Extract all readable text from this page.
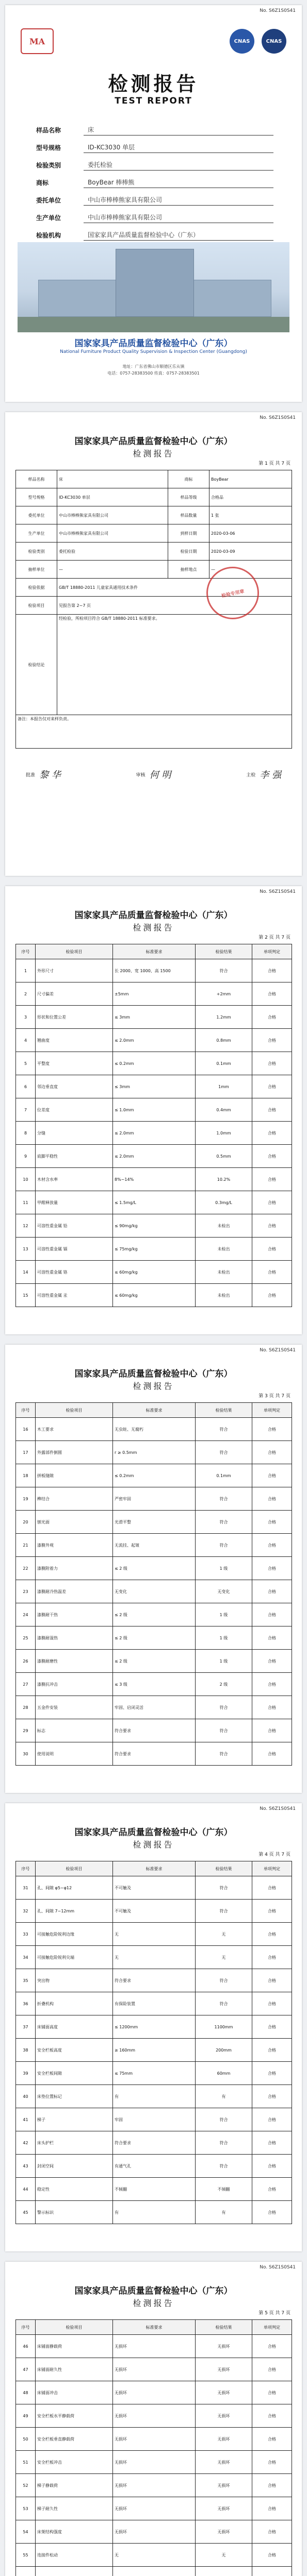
No. S6Z1S0S41
MA	CNAS	CNAS
检测报告
TEST REPORT
样品名称	床
型号规格	ID-KC3030 单层
检验类别	委托检验
商标	BoyBear 棒棒熊
委托单位	中山市棒棒熊家具有限公司
生产单位	中山市棒棒熊家具有限公司
检验机构	国家家具产品质量监督检验中心（广东）
国家家具产品质量监督检验中心（广东）
National Furniture Product Quality Supervision & Inspection Center (Guangdong)
地址：广东省佛山市顺德区乐从镇
电话：0757-28383500 传真：0757-28383501
No. S6Z1S0S41
国家家具产品质量监督检验中心（广东）
检测报告
第 1 页 共 7 页
样品名称	床	商标	BoyBear
型号规格	ID-KC3030 单层	样品等级	合格品
委托单位	中山市棒棒熊家具有限公司	样品数量	1 张
生产单位	中山市棒棒熊家具有限公司	到样日期	2020-03-06
检验类别	委托检验	检验日期	2020-03-09
抽样单位	—	抽样地点	—
检验依据	GB/T 18880-2011 儿童家具通用技术条件		
检验项目	见报告第 2~7 页		
检验结论	经检验，所检项目符合 GB/T 18880-2011 标准要求。		
备注：本报告仅对来样负责。			
检验专用章
批准 黎 华	审核 何 明	主检 李 强
No. S6Z1S0S41
国家家具产品质量监督检验中心（广东）
检测报告
第 2 页 共 7 页
序号	检验项目	标准要求	检验结果	单项判定
1	外形尺寸	长 2000、宽 1000、高 1500	符合	合格
2	尺寸偏差	±5mm	+2mm	合格
3	形状和位置公差	≤ 3mm	1.2mm	合格
4	翘曲度	≤ 2.0mm	0.8mm	合格
5	平整度	≤ 0.2mm	0.1mm	合格
6	邻边垂直度	≤ 3mm	1mm	合格
7	位差度	≤ 1.0mm	0.4mm	合格
8	分缝	≤ 2.0mm	1.0mm	合格
9	底脚平稳性	≤ 2.0mm	0.5mm	合格
10	木材含水率	8%~14%	10.2%	合格
11	甲醛释放量	≤ 1.5mg/L	0.3mg/L	合格
12	可溶性重金属 铅	≤ 90mg/kg	未检出	合格
13	可溶性重金属 镉	≤ 75mg/kg	未检出	合格
14	可溶性重金属 铬	≤ 60mg/kg	未检出	合格
15	可溶性重金属 汞	≤ 60mg/kg	未检出	合格
No. S6Z1S0S41
国家家具产品质量监督检验中心（广东）
检测报告
第 3 页 共 7 页
序号	检验项目	标准要求	检验结果	单项判定
16	木工要求	无虫蛀、无腐朽	符合	合格
17	外露部件倒圆	r ≥ 0.5mm	符合	合格
18	拼板缝隙	≤ 0.2mm	0.1mm	合格
19	榫结合	严密牢固	符合	合格
20	刨光面	光滑平整	符合	合格
21	漆膜外观	无流挂、起皱	符合	合格
22	漆膜附着力	≤ 2 级	1 级	合格
23	漆膜耐冷热温差	无变化	无变化	合格
24	漆膜耐干热	≤ 2 级	1 级	合格
25	漆膜耐湿热	≤ 2 级	1 级	合格
26	漆膜耐磨性	≤ 2 级	1 级	合格
27	漆膜抗冲击	≤ 3 级	2 级	合格
28	五金件安装	牢固、启闭灵活	符合	合格
29	标志	符合要求	符合	合格
30	使用说明	符合要求	符合	合格
No. S6Z1S0S41
国家家具产品质量监督检验中心（广东）
检测报告
第 4 页 共 7 页
序号	检验项目	标准要求	检验结果	单项判定
31	孔、间隙 φ5~φ12	不可触及	符合	合格
32	孔、间隙 7~12mm	不可触及	符合	合格
33	可接触危险锐利边缘	无	无	合格
34	可接触危险锐利尖端	无	无	合格
35	突出物	符合要求	符合	合格
36	折叠机构	有保险装置	符合	合格
37	床铺面高度	≤ 1200mm	1100mm	合格
38	安全栏板高度	≥ 160mm	200mm	合格
39	安全栏板间隙	≤ 75mm	60mm	合格
40	床垫位置标记	有	有	合格
41	梯子	牢固	符合	合格
42	床头护栏	符合要求	符合	合格
43	封闭空间	有通气孔	符合	合格
44	稳定性	不倾翻	不倾翻	合格
45	警示标识	有	有	合格
No. S6Z1S0S41
国家家具产品质量监督检验中心（广东）
检测报告
第 5 页 共 7 页
序号	检验项目	标准要求	检验结果	单项判定
46	床铺面静载荷	无损坏	无损坏	合格
47	床铺面耐久性	无损坏	无损坏	合格
48	床铺面冲击	无损坏	无损坏	合格
49	安全栏板水平静载荷	无损坏	无损坏	合格
50	安全栏板垂直静载荷	无损坏	无损坏	合格
51	安全栏板冲击	无损坏	无损坏	合格
52	梯子静载荷	无损坏	无损坏	合格
53	梯子耐久性	无损坏	无损坏	合格
54	床架结构强度	无损坏	无损坏	合格
55	连接件松动	无	无	合格
